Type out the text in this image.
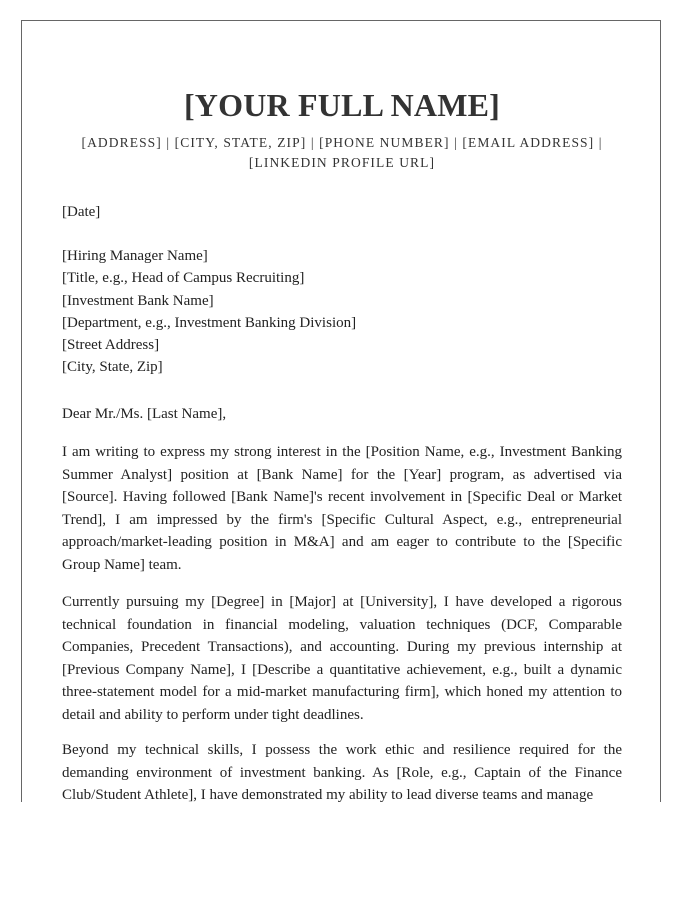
[YOUR FULL NAME]
[ADDRESS] | [CITY, STATE, ZIP] | [PHONE NUMBER] | [EMAIL ADDRESS] |
[LINKEDIN PROFILE URL]
[Date]
[Hiring Manager Name]
[Title, e.g., Head of Campus Recruiting]
[Investment Bank Name]
[Department, e.g., Investment Banking Division]
[Street Address]
[City, State, Zip]
Dear Mr./Ms. [Last Name],

I am writing to express my strong interest in the [Position Name, e.g., Investment Banking Summer Analyst] position at [Bank Name] for the [Year] program, as advertised via [Source]. Having followed [Bank Name]'s recent involvement in [Specific Deal or Market Trend], I am impressed by the firm's [Specific Cultural Aspect, e.g., entrepreneurial approach/market-leading position in M&A] and am eager to contribute to the [Specific Group Name] team.

Currently pursuing my [Degree] in [Major] at [University], I have developed a rigorous technical foundation in financial modeling, valuation techniques (DCF, Comparable Companies, Precedent Transactions), and accounting. During my previous internship at [Previous Company Name], I [Describe a quantitative achievement, e.g., built a dynamic three-statement model for a mid-market manufacturing firm], which honed my attention to detail and ability to perform under tight deadlines.

Beyond my technical skills, I possess the work ethic and resilience required for the demanding environment of investment banking. As [Role, e.g., Captain of the Finance Club/Student Athlete], I have demonstrated my ability to lead diverse teams and manage
